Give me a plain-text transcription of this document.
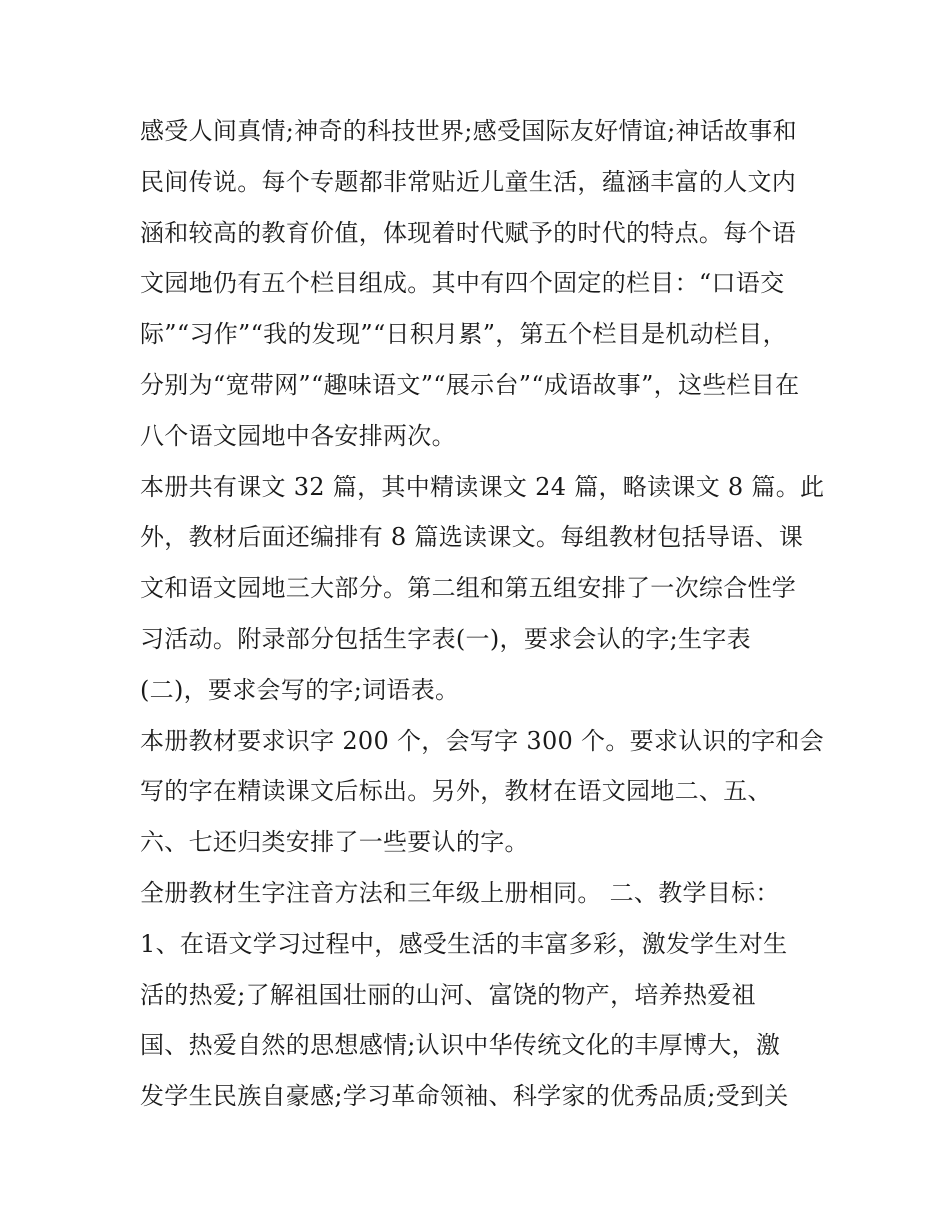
感受人间真情;神奇的科技世界;感受国际友好情谊;神话故事和
民间传说。每个专题都非常贴近儿童生活，蕴涵丰富的人文内
涵和较高的教育价值，体现着时代赋予的时代的特点。每个语
文园地仍有五个栏目组成。其中有四个固定的栏目：“口语交
际”“习作”“我的发现”“日积月累”，第五个栏目是机动栏目，
分别为“宽带网”“趣味语文”“展示台”“成语故事”，这些栏目在
八个语文园地中各安排两次。
本册共有课文 32 篇，其中精读课文 24 篇，略读课文 8 篇。此
外，教材后面还编排有 8 篇选读课文。每组教材包括导语、课
文和语文园地三大部分。第二组和第五组安排了一次综合性学
习活动。附录部分包括生字表(一)，要求会认的字;生字表
(二)，要求会写的字;词语表。
本册教材要求识字 200 个，会写字 300 个。要求认识的字和会
写的字在精读课文后标出。另外，教材在语文园地二、五、
六、七还归类安排了一些要认的字。
全册教材生字注音方法和三年级上册相同。 二、教学目标：
1、在语文学习过程中，感受生活的丰富多彩，激发学生对生
活的热爱;了解祖国壮丽的山河、富饶的物产，培养热爱祖
国、热爱自然的思想感情;认识中华传统文化的丰厚博大，激
发学生民族自豪感;学习革命领袖、科学家的优秀品质;受到关
